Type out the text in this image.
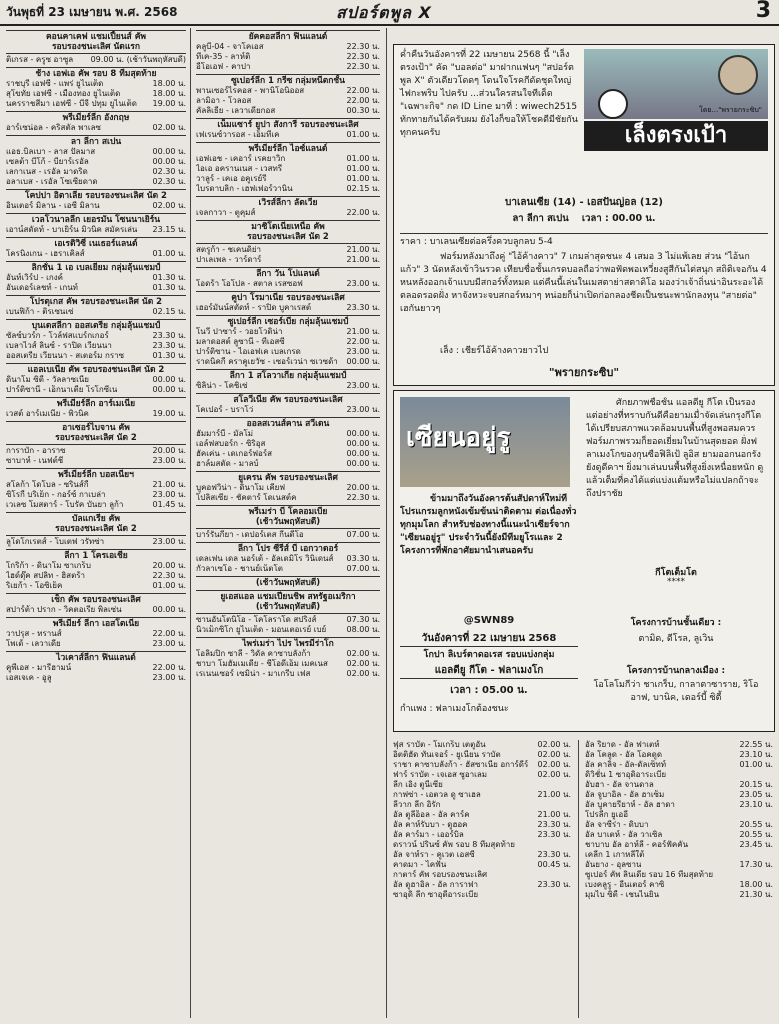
วันพุธที่ 23 เมษายน พ.ศ. 2568	สปอร์ตพูล X	3
คอนคาเคฟ แชมเปี้ยนส์ คัพ
รอบรองชนะเลิศ นัดแรก
ติเกรส - ครูซ อาซูล 09.00 น. (เช้าวันพฤหัสบดี)
ช้าง เอฟเอ คัพ รอบ 8 ทีมสุดท้าย
ราชบุรี เอฟซี - แพร่ ยูไนเต็ด	18.00 น.
สุโขทัย เอฟซี - เมืองทอง ยูไนเต็ด	18.00 น.
นครราชสีมา เอฟซี - บีจี ปทุม ยูไนเต็ด 19.00 น.
พรีเมียร์ลีก อังกฤษ
อาร์เซน่อล - คริสตัล พาเลซ	02.00 น.
ลา ลีกา สเปน
แอธ.บิลเบา - ลาส ปัลมาส	00.00 น.
เซลต้า บีโก้ - บียาร์เรอัล	00.00 น.
เลกาเนส - เรอัล มาดริด	02.30 น.
อลาเบส - เรอัล โซเซียดาด	02.30 น.
โคปปา อิตาเลีย รอบรองชนะเลิศ นัด 2
อินเตอร์ มิลาน - เอซี มิลาน	02.00 น.
เวลโวนาลลีก เยอรมัน โซนนาเยิร์น
เอาน์สดัดท์ - บาเยิร์น มิวนิค สมัครเล่น 23.15 น.
เอเรดิวิซี่ เนเธอร์แลนด์
โครนิงเกน - เฮราเคิลส์	01.00 น.
ลิกชั่น 1 เอ เบลเยียม กลุ่มลุ้นแชมป์
อันท์เวิร์ป - เกงค์	01.30 น.
อันเดอร์เลชท์ - เกนท์	01.30 น.
โปรตุเกส คัพ รอบรองชนะเลิศ นัด 2
เบนฟิก้า - ติรเซนเซ่	02.15 น.
บุนเดสลีกา ออสเตรีย กลุ่มลุ้นแชมป์
ซัลซ์บวร์ก - โวล์ฟสแบร์กเกอร์	23.30 น.
เบลาไวส์ ลินซ์ - ราปิด เวียนนา	23.30 น.
ออสเตรีย เวียนนา - สเตอร์ม กราซ	01.30 น.
แอลเบเนีย คัพ รอบรองชนะเลิศ นัด 2
ดินาโม ซิตี้ - วัลลาซเนีย	00.00 น.
ปาร์ติซานี่ - เอ็กนาเตีย โรโกซีเน	00.00 น.
พรีเมียร์ลีก อาร์เมเนีย
เวสต์ อาร์เมเนีย - พิวนิค	19.00 น.
อาเซอร์ไบจาน คัพ
รอบรองชนะเลิศ นัด 2
การาบัก - อาราซ	20.00 น.
ซาบาห์ - เนฟต์ชี	23.00 น.
พรีเมียร์ลีก บอสเนียฯ
สโลก้า โดโบล - ซรินส์กี้	21.00 น.
ซิโรกี้ บริเย็ก - กอร์ซ์ กาเบล่า	23.00 น.
เวเลซ โมสตาร์ - โบรัค บันยา ลูก้า	01.45 น.
บัลแกเรีย คัพ
รอบรองชนะเลิศ นัด 2
ลูโดโกเรตส์ - โบเตฟ วรัทซ่า	23.00 น.
ลีกา 1 โครเอเชีย
โกริก้า - ดินาโม ซาเกร็บ	20.00 น.
ไฮด์ดุ๊ค สปลิท - ฮิสตร้า	22.30 น.
ริเยก้า - โอซิเย็ค	01.00 น.
เช็ก คัพ รอบรองชนะเลิศ
สปาร์ต้า ปราก - วิคตอเรีย พิลเซ่น	00.00 น.
พรีเมียร์ ลีกา เอสโตเนีย
วาปรุส - ทรานส์	22.00 น.
โพเด้ - เลวาเดีย	23.00 น.
ไวเคาส์ลีกา ฟินแลนด์
คูพีเอส - มารีฮามน์	22.00 น.
เอสเจเค - อูลู	23.00 น.
ยัคคอสลีกา ฟินแลนด์
คลูบี-04 - จาโคเอส	22.30 น.
ที่เค-35 - ลาห์ติ	22.30 น.
อีโอเอฟ - คาปา	22.30 น.
ซูเปอร์ลีก 1 กรีซ กลุ่มหนีตกชั้น
พานเซอร์ไรคอส - พานิโอนิออส	22.00 น.
ลามิอา - โวลอส	22.00 น.
คัลลิเธีย - เลวาเดียกอส	00.30 น.
เน็มแซาร์ ยูปา สังการี รอบรองชนะเลิศ
เฟเรนซ์วารอส - เอ็มทีเค	01.00 น.
พรีเมียร์ลีก ไอซ์แลนด์
เอฟเอช - เคอาร์ เรคยาวิก	01.00 น.
ไอเอ อครานเนส - เวสทรี	01.00 น.
วาลูร์ - เคเอ อคูเรย์รี	01.00 น.
ไบรดาบลิก - เฮฟเฟอร์วานิน	02.15 น.
เวิรส์ลีกา ลัตเวีย
เจลกาวา - ตูคุมส์	22.00 น.
มาซิโดเนียเหนือ คัพ
รอบรองชนะเลิศ นัด 2
สตรูก้า - ชเคนดิย่า	21.00 น.
ปาเลเพล - วาร์ดาร์	21.00 น.
ลีกา วัน โปแลนด์
โอดร้า โอโปล - สตาล เรสซอฟ	23.00 น.
คูปา โรมาเนีย รอบรองชนะเลิศ
เฮอร์มันน์สตัดท์ - ราปิด บูคาเรสต์	23.30 น.
ซูเปอร์ลีก เซอร์เบีย กลุ่มลุ้นแชมป์
โนวี ปาซาร์ - วอยโวดิน่า	21.00 น.
มลาดอสต์ ลูซานี่ - ทีเอสซี	22.00 น.
ปาร์ติซาน - ไอเอฟเค เบลเกรด	23.00 น.
ราดนิคกี้ คราคูเยวัซ - เซอร์เวน่า ซเวซด้า 00.00 น.
ลีกา 1 สโลวาเกีย กลุ่มลุ้นแชมป์
ซิลิน่า - โคชิเซ่	23.00 น.
สโลวีเนีย คัพ รอบรองชนะเลิศ
โคเปอร์ - บราโว่	23.00 น.
ออลสเวนส์คาน สวีเดน
ฮัมมาร์บี้ - มัลโม่	00.00 น.
เอล์ฟสบอร์ก - ซิริอุส	00.00 น.
ฮัคเค่น - เดเกอร์ฟอร์ส	00.00 น.
ฮาล์มสตัด - มาลบ์	00.00 น.
ยูเครน คัพ รอบรองชนะเลิศ
บูคอฟวิน่า - ดินาโม เคียฟ	20.00 น.
โปลิสเซีย - ชัคตาร์ โดเนสต์ค	22.30 น.
พรีเมร่า บี โคลอมเบีย
(เช้าวันพฤหัสบดี)
บาร์รันกียา - เดปอร์เตส กีนดีโอ	07.00 น.
ลีกา โปร ซีรีส์ บี เอกวาดอร์
เดลเฟน เดล นอร์เต้ - อัลเดมิโร วินิเดนส์ 03.30 น.
กัวลาเซโอ - ชานย์เน็ตโต	07.00 น.
(เช้าวันพฤหัสบดี)
ยูเอสแอล แชมเปียนชิพ สหรัฐอเมริกา
(เช้าวันพฤหัสบดี)
ซานอันโตนิโอ - โคโลราโด สปริงส์	07.30 น.
นิวเม็กซิโก ยูไนเต็ด - มอนเตอเรย์ เบย์	08.00 น.
ไพร่เมร่า ไปร ไพรมีร่าโก
โอลิมปิก ซาลี - วิดัล คาซาบลังก้า	02.00 น.
ชาบา โมฮัมเมเดีย - ชีโอดีเอ็ม เมคเนส 02.00 น.
เรเนนเซอร์ เซมิน่า - มาเกรีบ เฟส	02.00 น.
ค่ำคืนวันอังคารที่ 22 เมษายน 2568 นี้ "เล็งตรงเป้า" คัด "บอลต่อ" มาฝากแฟนๆ "สปอร์ตพูล X" ตัวเดียวโดดๆ โดนใจโรคกีดัดชุดใหญ่ไฟกะพริบ ไปครับ ...ส่วนใครสนใจทีเด็ด "เฉพาะกิจ" กด ID Line มาที่ : wiwech2515 ทักทายกันได้ครับผม ยังไงก็ขอให้โชคดีมีชัยกันทุกคนครับ
โดย..."พรายกระซิบ"
เล็งตรงเป้า
บาเลนเซีย (14) - เอสปันญ่อล (12)
ลา ลีกา สเปน เวลา : 00.00 น.
ราคา : บาเลนเซียต่อครึ่งควบลูกลบ 5-4
ฟอร์มหลังมาถึงคู่ "ไอ้ค้างคาว" 7 เกมล่าสุดชนะ 4 เสมอ 3 ไม่แพ้เลย ส่วน "ไอ้นกแก้ว" 3 นัดหลังเข้าวินรวด เทียบชื่อชั้นเกรดบอลถือว่าพอฟัดพอเหวี่ยงสูสีกันไต่สนุก สถิติเจอกัน 4 หนหลังออกเจ้าแบบมีสกอร์ทั้งหมด แต่คืนนี้เล่นในเมสตาย่าสตาดิโอ มองว่าเจ้าถิ่นน่าอินระอะได้ตลอดรอดฝั่ง หาจังหวะจบสกอร์หมาๆ หน่อยก็น่าเปิดก่อกลองชีดเป็นชนะพานักลงทุน "สายต่อ" เฮกันยาวๆ
เล็ง : เชียร์ไอ้ค้างคาวยาวไป
"พรายกระซิบ"
เซียนอยู่รู
ข้ามมาถึงวันอังคารต้นสัปดาห์ใหม่ที่โปรแกรมลูกหนังเข้มข้นน่าติดตาม ต่อเนื่องทั่วทุกมุมโลก สำหรับช่องทางนี้แนะนำเซียร์จาก "เซียนอยู่รู" ประจำวันนี้ยังมีทีมยูโรเและ 2 โครงการที่พักอาศัยมานำเสนอครับ
@SWN89
วันอังคารที่ 22 เมษายน 2568
โกปา ลิเบร์ตาดอเรส รอบแบ่งกลุ่ม
แอลดียู กีโต - ฟลาเมงโก
เวลา : 05.00 น.
กำแพง : ฟลาเมงโกต้องชนะ
ศักยภาพชื่อชั้น แอลดียู กีโต เป็นรอง แต่อย่างที่ทราบกันดีคือยามเมื่าจัดเล่นกรุงกีโต ได้เปรียบสภาพแวดล้อมบนพื้นที่สูงพอสมควร ฟอร์มภาพรวมก็ยอดเยี่ยมในบ้านสุดยอด ฝั่งฟลาเมงโกของกุนซือฟิลิเป้ ลูอิส ยามออกนอกรังยังดูดีคาฯ ยิ่งมาเล่นบนพื้นที่สูงยิ่งเหนื่อยหนัก ดูแล้วเต็มที่คงได้แต่แบ่งแต้มหรือไม่แปลกถ้าจะถึงปราชัย
กีโตเต็มโต
****
โครงการบ้านชั้นเดียว :
ตามิด, ดีโรล, ลูเวิน
โครงการบ้านกลางเมือง :
โอโลโมกีว่า ชาเกร็บ, กาลาตาซาราย, ริโอ อาฟ, บานิค, เดอร์บี้ ซิตี้
ฟุส ราบัต - โมเกร็บ เตตูอัน	02.00 น.
อิตติฮัด ทันเจอร์ - ยูเนียน ราบัต	02.00 น.
ราชา คาซาบลังก้า - ฮัสซาเนีย อการ์ดีร์ 02.00 น.
ฟาร์ ราบัต - เจเอส ซูอาเลม	02.00 น.
ลีก เอิง ตูนีเซีย
กาฟซ่า - เอตวล ดู ซาเฮล	21.00 น.
ลีวาก ลีก อิรัก
อัล ตูลีอ็อล - อัล คาร์ค	21.00 น.
อัล คาห์รับบา - ดูฮอค	23.30 น.
อัล คาร์มา - เออร์บิล	23.30 น.
ดราวน์ ปรินซ์ คัพ รอบ 8 ทีมสุดท้าย
อัล จาห์รา - คูเวต เอสซี	23.30 น.
คาดมา - ไคฟัน	00.45 น.
กาตาร์ คัพ รอบรองชนะเลิศ
อัล ดูฮาอิล - อัล การาฟา	23.30 น.
ซาอุดิ ลีก ซาอุดีอาระเบีย
อัล ริยาด - อัล ฟาเตห์	22.55 น.
อัล โคลูด - อัล โอคดูด	23.10 น.
อัล คาลิจ - อัล-ดัลเซ็ทท์	01.00 น.
ดิวิชั่น 1 ซาอุดิอาระเบีย
อับฮา - อัล จานดาล	20.15 น.
อัล จูบาอิล - อัล ฮาเซ็ม	23.05 น.
อัล บูคายรียาห์ - อัล ฮาดา	23.10 น.
โปรลีก ยูเออี
อัล จาซีร่า - ดิบบา	20.55 น.
อัล บาเตห์ - อัล วาเซิล	20.55 น.
ชาบาบ อัล อาห์ลี - คอร์ฟัคคัน	23.45 น.
เคลีก 1 เกาหลีใต้
อันยาง - อุลซาน	17.30 น.
ซูเปอร์ คัพ ลินเดีย รอบ 16 ทีมสุดท้าย
เบงคลูรู - อีนเตอร์ คาซิ	18.00 น.
มุมไบ ซิตี้ - เชนไนยิน	21.30 น.
